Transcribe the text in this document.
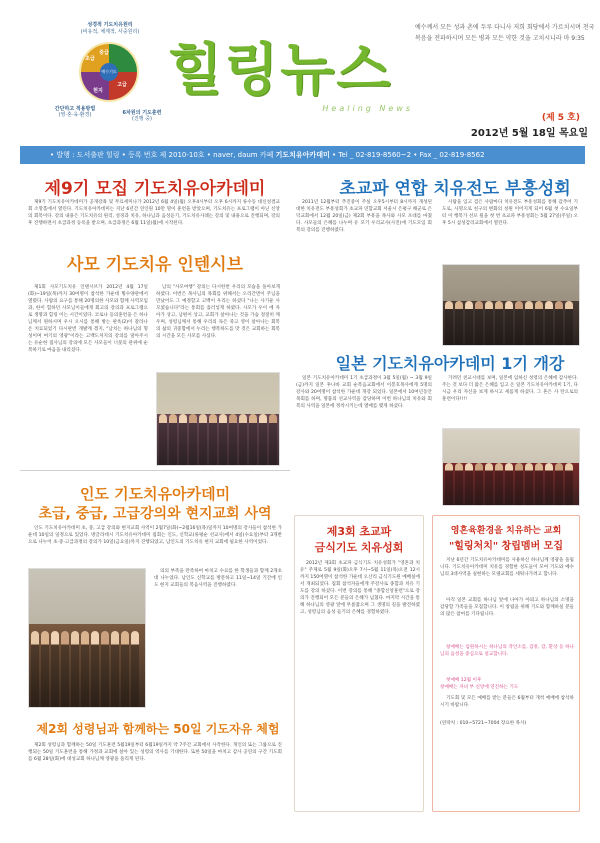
성경적 기도치유원리
(비유적, 체계적, 사중원리)
중급
초급
고급
현지
예수기도
간단하고 적용방법
(영·혼·육·환경)	6차원의 기도훈련
(진행 중)
힐링뉴스
Healing News
예수께서 모든 성과 촌에 두루 다니사 저희 회당에서 가르치시며 천국 복음을 전파하시며 모든 병과 모든 약한 것을 고치시니라 마 9:35
(제 5 호)
2012년 5월 18일 목요일
• 발행 : 도서출판 힐링 • 등록 번호 제 2010-10호 • naver, daum 카페 기도치유아카데미 • Tel _ 02-819-8560~2 • Fax _ 02-819-8562
제9기 모집 기도치유아카데미

제9기 기도치유아카데미가 공개강좌 및 무료세미나가 2012년 6월 4일(월) 오후4시부터 오후 6시까지 류수동 대신성결교회 소망홀에서 열린다. 기도치유아카데미는 지난 6년간 연인원 10만 명이 훈련을 받았으며, 기도치유는 프로그램이 아닌 신앙의 회복이다. 강의 내용은 기도치유의 원리, 성경과 치유, 하나님과 음성듣기, 기도치유사례는 강의 및 내용으로 진행되며, 강의후 진행하면서 초급과정 등록을 받으며, 초급과정은 6월 11일(월)에 시작된다.

사모 기도치유 인텐시브

제1회 사모기도치유 인텐시브가 2012년 4월 17일(화)~19일(목)까지 30여명이 참석한 가운데 횡수양관에서 열렸다. 사람의 요구를 통해 20명의한 사모와 함께 사역모임과, 한이 힘하던 사모님이들에게 회고의 강의과 프로그램으로 생명과 힐링 이는 시간이었다. 코로나 등의훈련을 은 하나님께서 원하시며 우시 오시를 통해 방는 판옥(2)이 갈라나 온 치료되었기 다시판번 개발계 겠지, "남치는 하나님의 형성이며 여기의 영광"이라는 고백도처지의 강의를 말아주시는 유순한 집사님의 강의에 모든 사모들이 너뭇의 관위에 순복하기로 마음을 내리셨다.

남의 "사모여행" 강의는 다시한번 우리의 모습을 돌아보게 하였다. 이번은 목사님의 목회를 위해서는 오리간면이 주님을 만났어도 그 예정할고 고백이 우리는 하셨다 "나는 사기운 사모였습니다"라는 통회를 흘러넣게 하였다. 사모가 우이 에 자아가 상고, 남편이 상고, 교회가 살아나는 것을 가슴 절절히 깨우며, 성령님께서 통해 우리의 독은 죽고 영이 살아나는 회복의 삶의 귀중함에서 누리는 행복하도를 맛 것은 교회하는 회복의 시간을 모든 사모를 사셨다.

초교파 연합 치유전도 부흥성회

2011년 12월부터 추진중이 주실 오후5시부터 8시까지 개성된 대한 치유전도 부흥성회가 초교파 연합교회 서울시 은평구 해군로 은덕교회에서 12월 20일(금) 제2회 부흥을 목사와 사모 포대를 마쳤다. 사모들의 은혜를 나누며 유 모기 우리교사(사진)에 기도모임 회복의 강의를 진행하였다.

사람을 입고 검은 사람마다 치유전도 부흥성회를 통해 감추어 기도로, 사명으로 친구의 변화의 성원 이어지게 되어 6월 첫 수요일부터 이 행복가 선포 될을 첫 번 초교파 부흥성회는 5월 27일(주일) 오후 5시 삼성감리교회에서 열린다.

일본 기도치유아카데미 1기 개강

일본 기도치유아카데미 1기 초급과정이 3월 5일(월) ~ 3월 9일(금)까지 일본 후나바 교회 순복음교회에서 이봉호목사에게 5명의 강사와 20여명이 참석한 가운데 개강 되었다. 일본에서 10여년동안 목회를 하며, 명품의 선교사역을 감당하며 이번 하나님의 치유와 회복의 사역을 일본에 정착시키는데 열매를 맺게 하셨다.

가려던 친교시대를 보며, 일본에 임하신 성령의 은혜에 감사한다. 주는 것 보다 더 많은 은혜를 입고 온 일본 기도치유아카데미 1기, 다시금 우리 자신을 보게 하시고 세롭게 하셨다. 그 흔은 사 탄으로의 훈련이다!!!!

인도 기도치유아카데미
초급, 중급, 고급강의와 현지교회 사역

인도 기도치유아카데미 초, 중, 고급 강의와 현지교회 사역이 2월7일(화)~2월16일(목)일까지 10여명의 강사들이 참석한 가운데 10일의 일정으로 있었다. 방글라데시 기도치유아카데미 집회는 인도, 신학교(류평순 선교사)에서 4일(수요일)부터 3개반으로 나누어 초·중·고급과정의 강의가 10일(금요일)까지 진행되었고, 남인도의 기도치유 현지 교회에 필요한 사역이었다.

의의 부족을 만족하여 마치고 수료를 한 학생들과 함께 2개초대 나누었다. 남인도 신학교를 방문하고 11일~14일 기간에 인도 현지 교회들의 복음사역을 진행하였다.

제2회 성령님과 함께하는 50일 기도자유 체험

제2회 성령님과 함께하는 50일 기도훈련 5월19일부터 6월19일까지 약 7주간 교회에서 사작한다. 개인의 또는 그룹으로 진행되는 50일 기도훈련을 통해 가정과 교회에 살아 있는 성령의 역사를 기대한다. 또한 50일을 마치고 감사 공연의 구간 기도회를 6월 28일(화)에 대성교회 하나님께 영광을 돌리게 된다.

제3회 초교파
금식기도 치유성회

2012년 제3회 초교파 금식기도 치유성회가 "영혼과 치유" 주제로 5월 9일(화)오후 7시~5월 11일(목)오전 12시까지 150여명이 참석한 가운데 오산리 금식기도원 예배실에서 개최되었다. 집회 참석자들에게 주강사로 종합과 치유 기도를 강의 하셨다. 이번 강의를 통해 "종합신앙훈련"으로 강의가 진행되어 모든 분들의 은혜가 넘쳤다. 마지막 시간을 통해 하나님의 영광 앞에 무릎꿇으며 그 생명의 길을 발견하였고, 성령님의 음성 들기의 은혜를 경험하였다.

영혼육환경을 치유하는 교회
"힐링처치" 창립멤버 모집

지난 6년간 기도치유아카데미를 사용하신 하나님께 영광을 돌립니다. 기도치유아카데미 치유를 경험한 성도들이 모여 기도와 예수님의 3대사역을 실현하는 모델교회를 세워나가려고 합니다.

아직 일본 교회를 하나님 앞에 나아가 아뢰고 하나님의 소명을 감당할 가족들을 모집합니다. 이 창립을 위해 기도와 함께하실 분들의 많은 참여를 기다립니다.

창예배는 임원하시는 하나님의 작인소를, 감흥, 감, 환상 등 하나님의 음성을 중심으로 설교합니다.

첫예배 12월 이후
창예배는 자녀 부 신앙에 연진하는 기도

기도회 및 모든 예배를 받는 분들은 6월부터 개척 예배에 참석하시기 바랍니다.

(연락처 : 010~5721~7004 장요한 목사)
